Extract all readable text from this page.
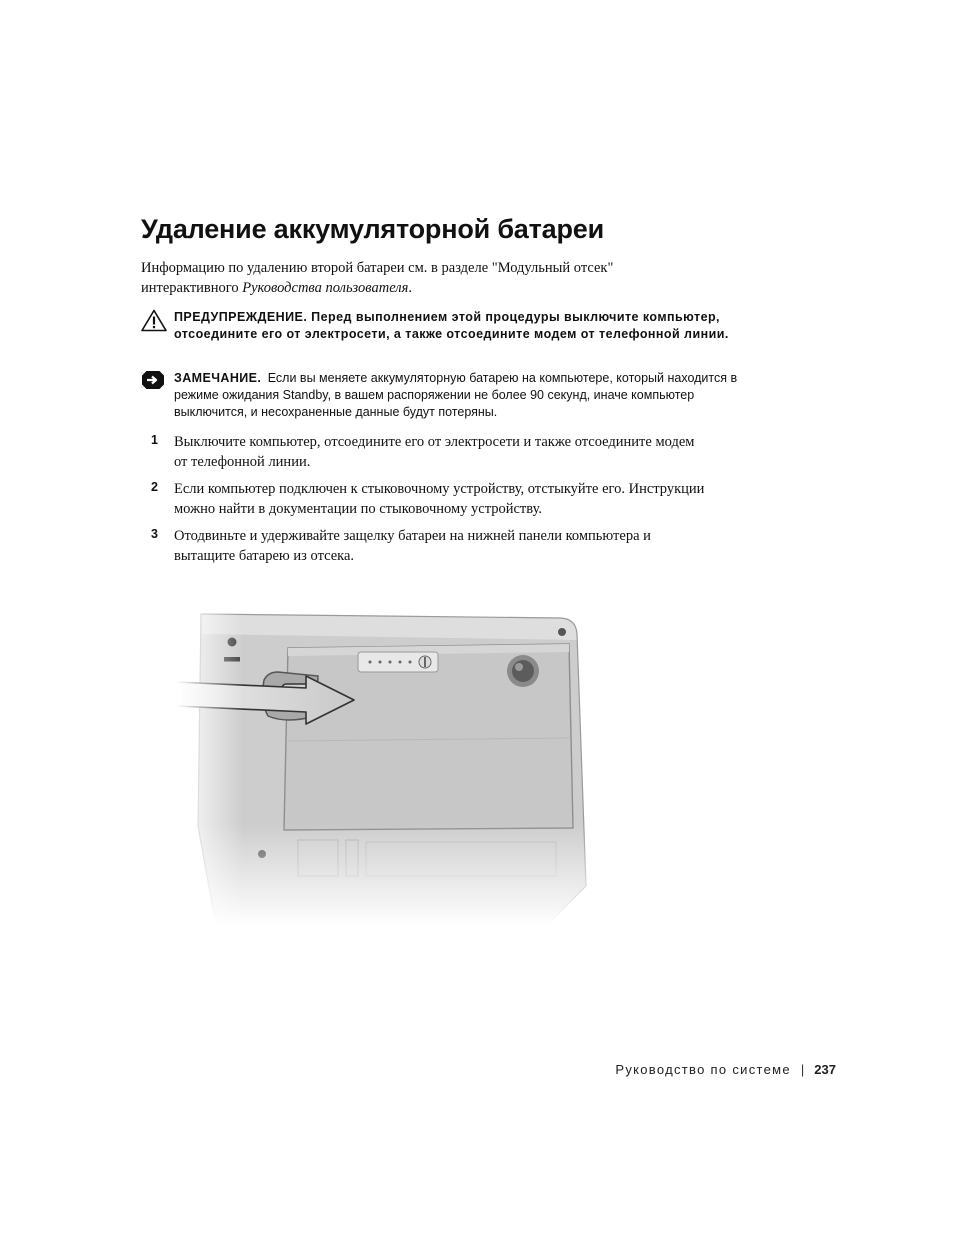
Удаление аккумуляторной батареи

Информацию по удалению второй батареи см. в разделе "Модульный отсек" интерактивного Руководства пользователя.

ПРЕДУПРЕЖДЕНИЕ. Перед выполнением этой процедуры выключите компьютер, отсоедините его от электросети, а также отсоедините модем от телефонной линии.
ЗАМЕЧАНИЕ. Если вы меняете аккумуляторную батарею на компьютере, который находится в режиме ожидания Standby, в вашем распоряжении не более 90 секунд, иначе компьютер выключится, и несохраненные данные будут потеряны.
1 Выключите компьютер, отсоедините его от электросети и также отсоедините модем от телефонной линии.
2 Если компьютер подключен к стыковочному устройству, отстыкуйте его. Инструкции можно найти в документации по стыковочному устройству.
3 Отодвиньте и удерживайте защелку батареи на нижней панели компьютера и вытащите батарею из отсека.
Руководство по системе | 237
